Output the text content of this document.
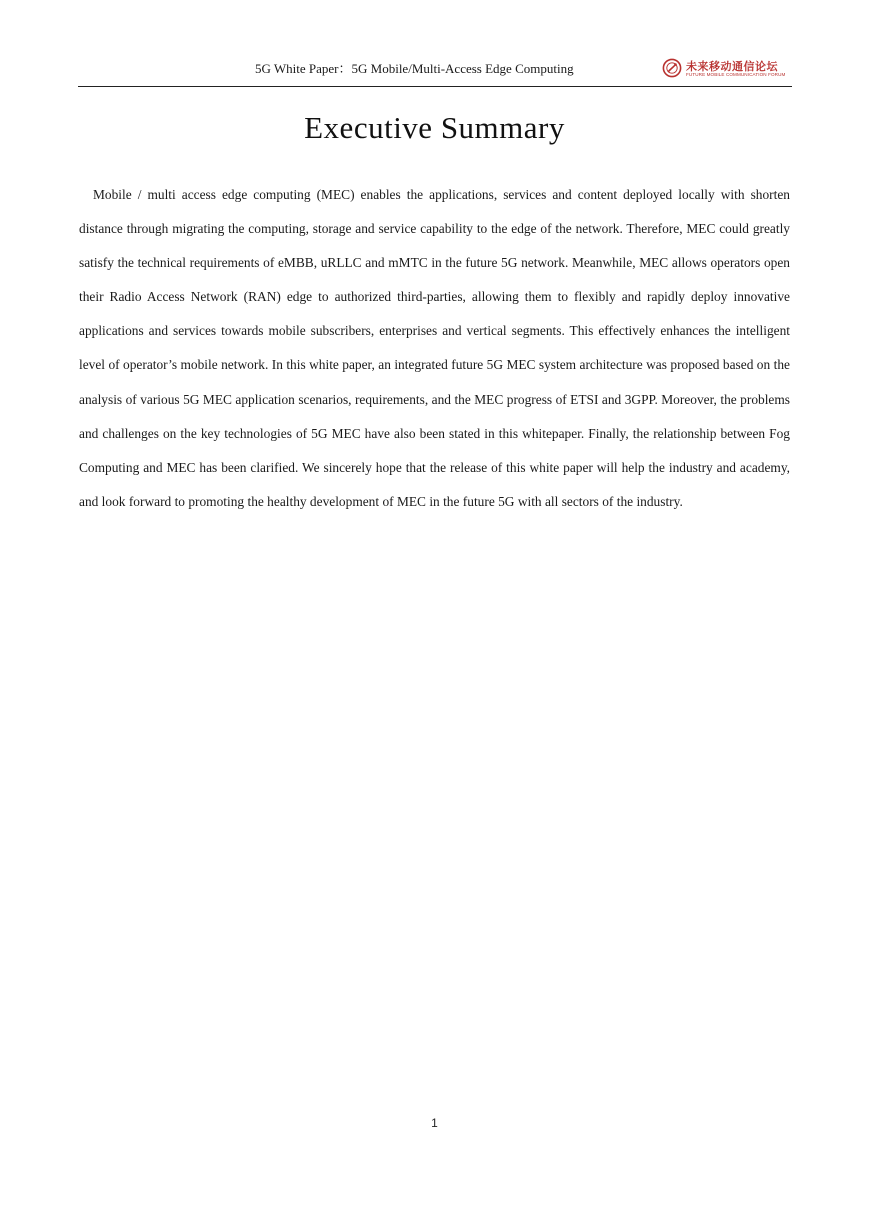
5G White Paper：5G Mobile/Multi-Access Edge Computing	未来移动通信论坛
FUTURE MOBILE COMMUNICATION FORUM
Executive Summary

Mobile / multi access edge computing (MEC) enables the applications, services and content deployed locally with shorten distance through migrating the computing, storage and service capability to the edge of the network. Therefore, MEC could greatly satisfy the technical requirements of eMBB, uRLLC and mMTC in the future 5G network. Meanwhile, MEC allows operators open their Radio Access Network (RAN) edge to authorized third-parties, allowing them to flexibly and rapidly deploy innovative applications and services towards mobile subscribers, enterprises and vertical segments. This effectively enhances the intelligent level of operator’s mobile network. In this white paper, an integrated future 5G MEC system architecture was proposed based on the analysis of various 5G MEC application scenarios, requirements, and the MEC progress of ETSI and 3GPP. Moreover, the problems and challenges on the key technologies of 5G MEC have also been stated in this whitepaper. Finally, the relationship between Fog Computing and MEC has been clarified. We sincerely hope that the release of this white paper will help the industry and academy, and look forward to promoting the healthy development of MEC in the future 5G with all sectors of the industry.

1
